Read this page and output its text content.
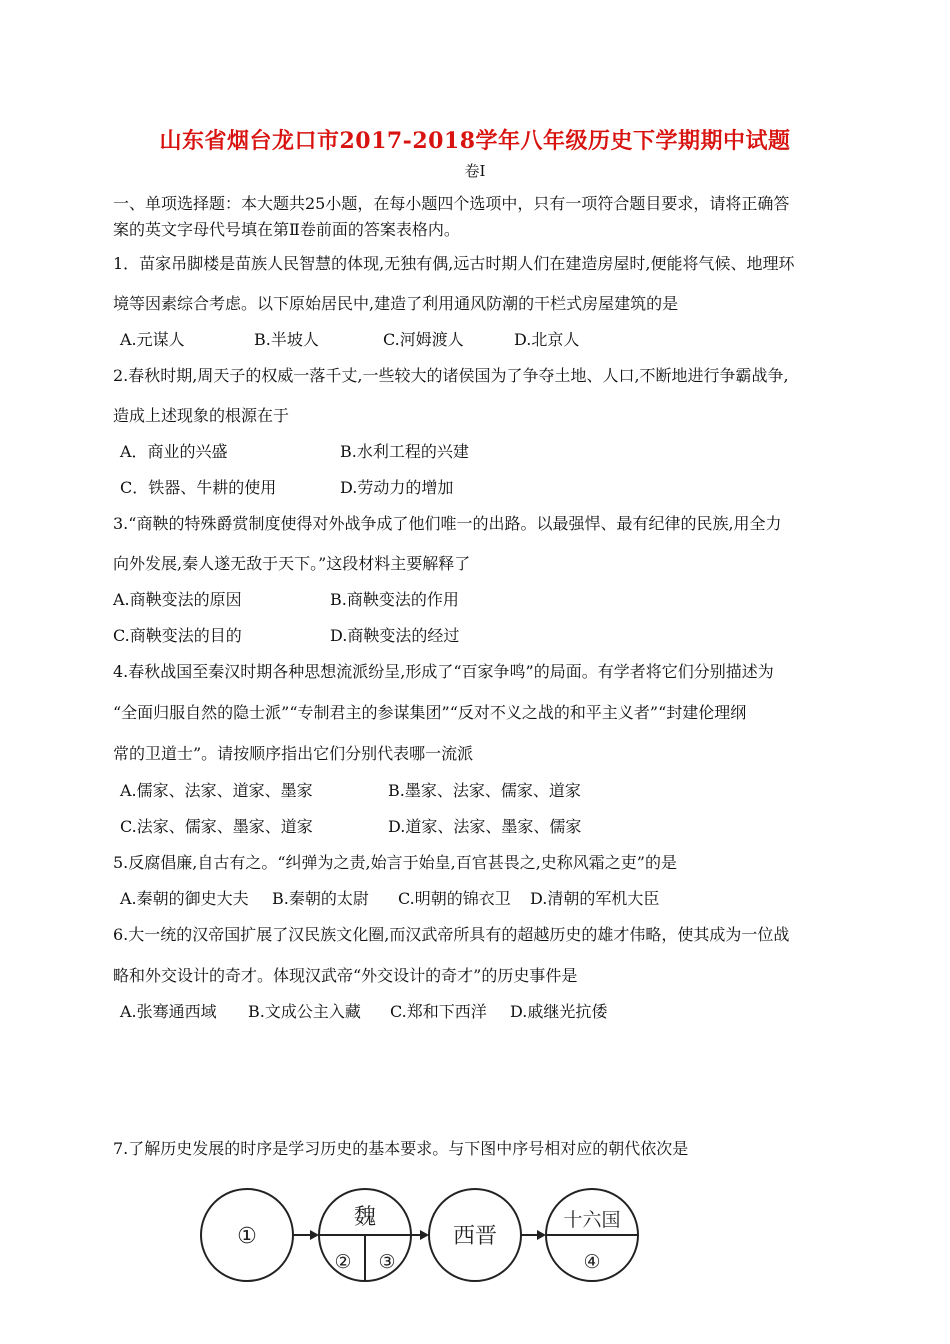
山东省烟台龙口市2017-2018学年八年级历史下学期期中试题
卷Ⅰ
一、单项选择题：本大题共25小题，在每小题四个选项中，只有一项符合题目要求，请将正确答
案的英文字母代号填在第Ⅱ卷前面的答案表格内。
1．苗家吊脚楼是苗族人民智慧的体现,无独有偶,远古时期人们在建造房屋时,便能将气候、地理环
境等因素综合考虑。以下原始居民中,建造了利用通风防潮的干栏式房屋建筑的是
A.元谋人	B.半坡人	C.河姆渡人	D.北京人
2.春秋时期,周天子的权威一落千丈,一些较大的诸侯国为了争夺土地、人口,不断地进行争霸战争,
造成上述现象的根源在于
A．商业的兴盛	B.水利工程的兴建
C．铁器、牛耕的使用	D.劳动力的增加
3.“商鞅的特殊爵赏制度使得对外战争成了他们唯一的出路。以最强悍、最有纪律的民族,用全力
向外发展,秦人遂无敌于天下。”这段材料主要解释了
A.商鞅变法的原因	B.商鞅变法的作用
C.商鞅变法的目的	D.商鞅变法的经过
4.春秋战国至秦汉时期各种思想流派纷呈,形成了“百家争鸣”的局面。有学者将它们分别描述为
“全面归服自然的隐士派”“专制君主的参谋集团”“反对不义之战的和平主义者”“封建伦理纲
常的卫道士”。请按顺序指出它们分别代表哪一流派
A.儒家、法家、道家、墨家	B.墨家、法家、儒家、道家
C.法家、儒家、墨家、道家	D.道家、法家、墨家、儒家
5.反腐倡廉,自古有之。“纠弹为之责,始言于始皇,百官甚畏之,史称风霜之吏”的是
A.秦朝的御史大夫 B.秦朝的太尉 C.明朝的锦衣卫 D.清朝的军机大臣
6.大一统的汉帝国扩展了汉民族文化圈,而汉武帝所具有的超越历史的雄才伟略，使其成为一位战
略和外交设计的奇才。体现汉武帝“外交设计的奇才”的历史事件是
A.张骞通西域 B.文成公主入藏 C.郑和下西洋 D.戚继光抗倭
7.了解历史发展的时序是学习历史的基本要求。与下图中序号相对应的朝代依次是
①
魏
② ③
西晋
十六国
④
